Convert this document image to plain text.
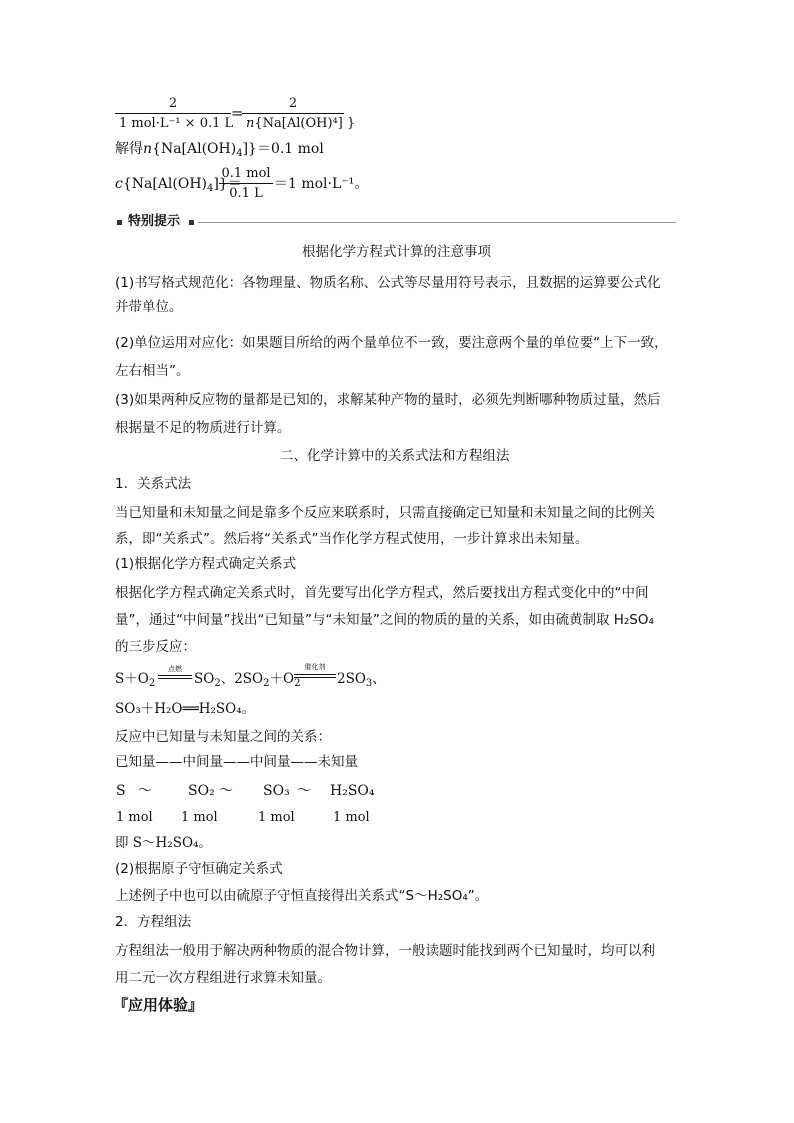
2
1 mol·L⁻¹ × 0.1 L
=
$\frac{2}{\text{n\{Na[Al(OH)⁴] \}}}$
解得$n\{Na[Al(OH)_4]\}=0.1$ mol
$c\{Na[Al(OH)_4]\}=$
0.1 mol
0.1 L
＝1 mol·L⁻¹。
特别提示
根据化学方程式计算的注意事项
(1)书写格式规范化：各物理量、物质名称、公式等尽量用符号表示，且数据的运算要公式化
并带单位。
(2)单位运用对应化：如果题目所给的两个量单位不一致，要注意两个量的单位要“上下一致，
左右相当”。
(3)如果两种反应物的量都是已知的，求解某种产物的量时，必须先判断哪种物质过量，然后
根据量不足的物质进行计算。
二、化学计算中的关系式法和方程组法
1．关系式法
当已知量和未知量之间是靠多个反应来联系时，只需直接确定已知量和未知量之间的比例关
系，即“关系式”。然后将“关系式”当作化学方程式使用，一步计算求出未知量。
(1)根据化学方程式确定关系式
根据化学方程式确定关系式时，首先要写出化学方程式，然后要找出方程式变化中的“中间
量”，通过“中间量”找出“已知量”与“未知量”之间的物质的量的关系，如由硫黄制取 H₂SO₄
的三步反应：
$S+O_2$
点燃
$SO_2$、$2SO_2+O_2$
催化剂
$2SO_3$、
SO₃＋H₂O══H₂SO₄。
反应中已知量与未知量之间的关系：
已知量——中间量——中间量——未知量
S ～	SO₂ ～ SO₃ ～ H₂SO₄
1 mol 1 mol	1 mol	1 mol
即 S～H₂SO₄。
(2)根据原子守恒确定关系式
上述例子中也可以由硫原子守恒直接得出关系式“S～H₂SO₄”。
2．方程组法
方程组法一般用于解决两种物质的混合物计算，一般读题时能找到两个已知量时，均可以利
用二元一次方程组进行求算未知量。
『应用体验』
